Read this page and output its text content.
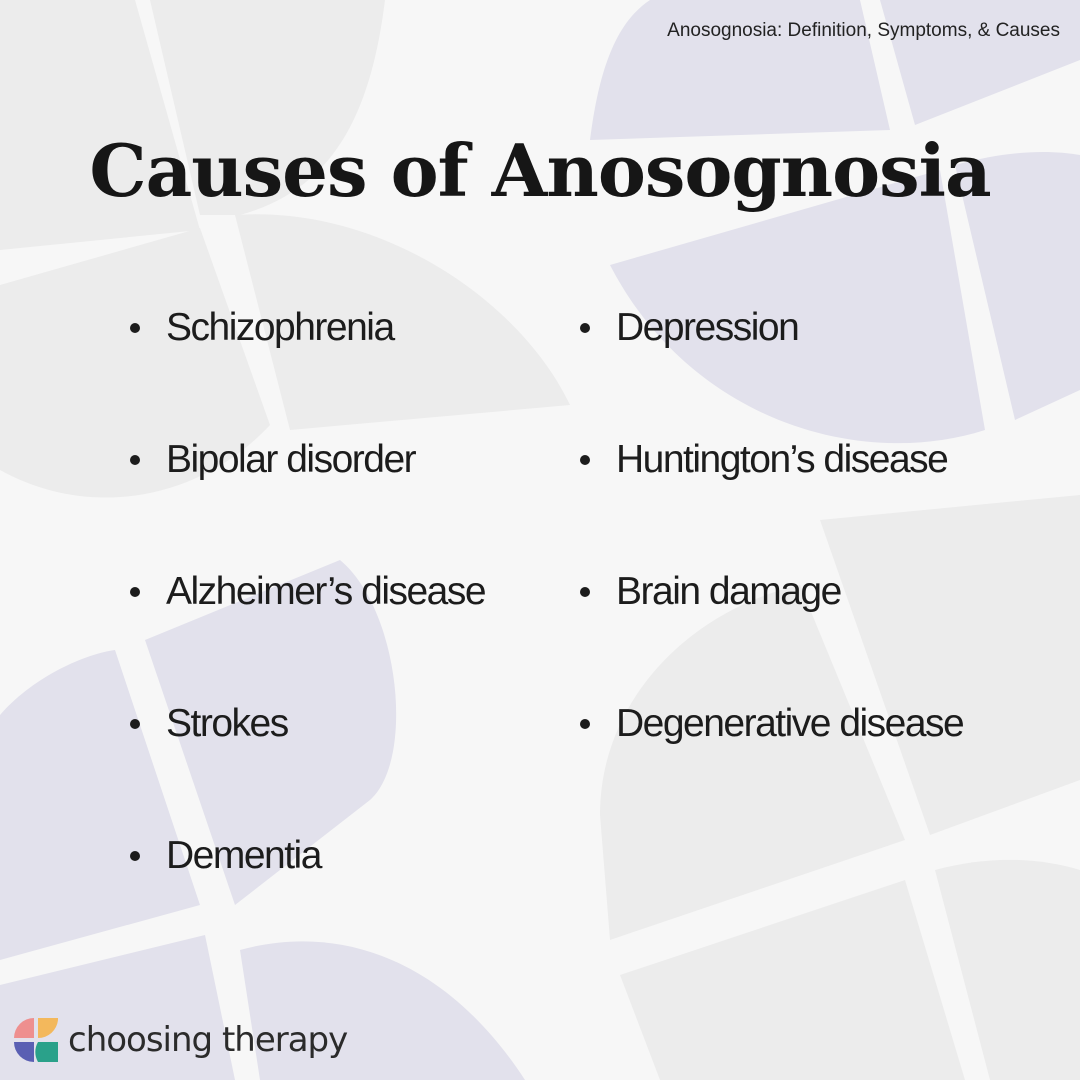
Anosognosia: Definition, Symptoms, & Causes
Causes of Anosognosia
Schizophrenia
Bipolar disorder
Alzheimer’s disease
Strokes
Dementia
Depression
Huntington’s disease
Brain damage
Degenerative disease
choosing therapy
